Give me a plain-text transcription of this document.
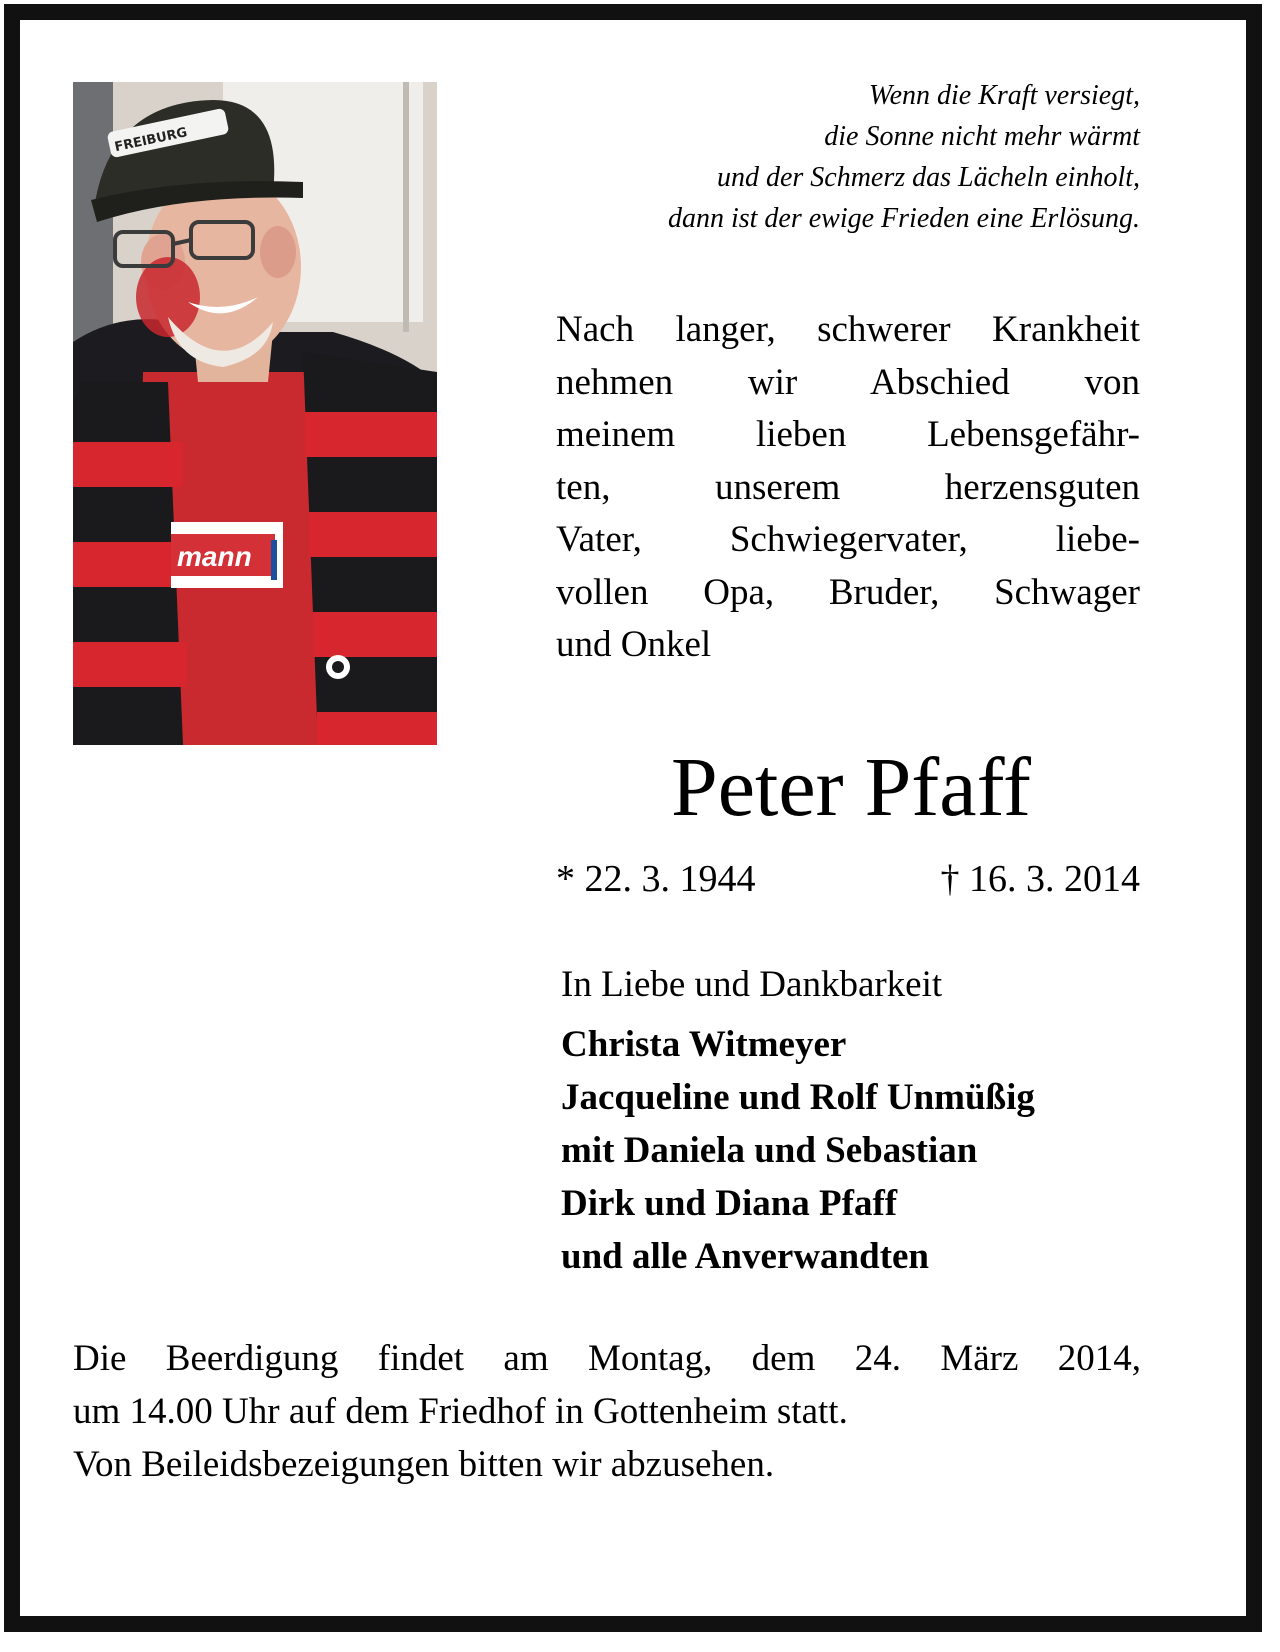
mann
FREIBURG
Wenn die Kraft versiegt,
die Sonne nicht mehr wärmt
und der Schmerz das Lächeln einholt,
dann ist der ewige Frieden eine Erlösung.
Nach langer, schwerer Krankheit
nehmen wir Abschied von
meinem lieben Lebensgefähr-
ten, unserem herzensguten
Vater, Schwiegervater, liebe-
vollen Opa, Bruder, Schwager
und Onkel
Peter Pfaff
* 22. 3. 1944	† 16. 3. 2014
In Liebe und Dankbarkeit
Christa Witmeyer
Jacqueline und Rolf Unmüßig
mit Daniela und Sebastian
Dirk und Diana Pfaff
und alle Anverwandten
Die Beerdigung findet am Montag, dem 24. März 2014,
um 14.00 Uhr auf dem Friedhof in Gottenheim statt.
Von Beileidsbezeigungen bitten wir abzusehen.
